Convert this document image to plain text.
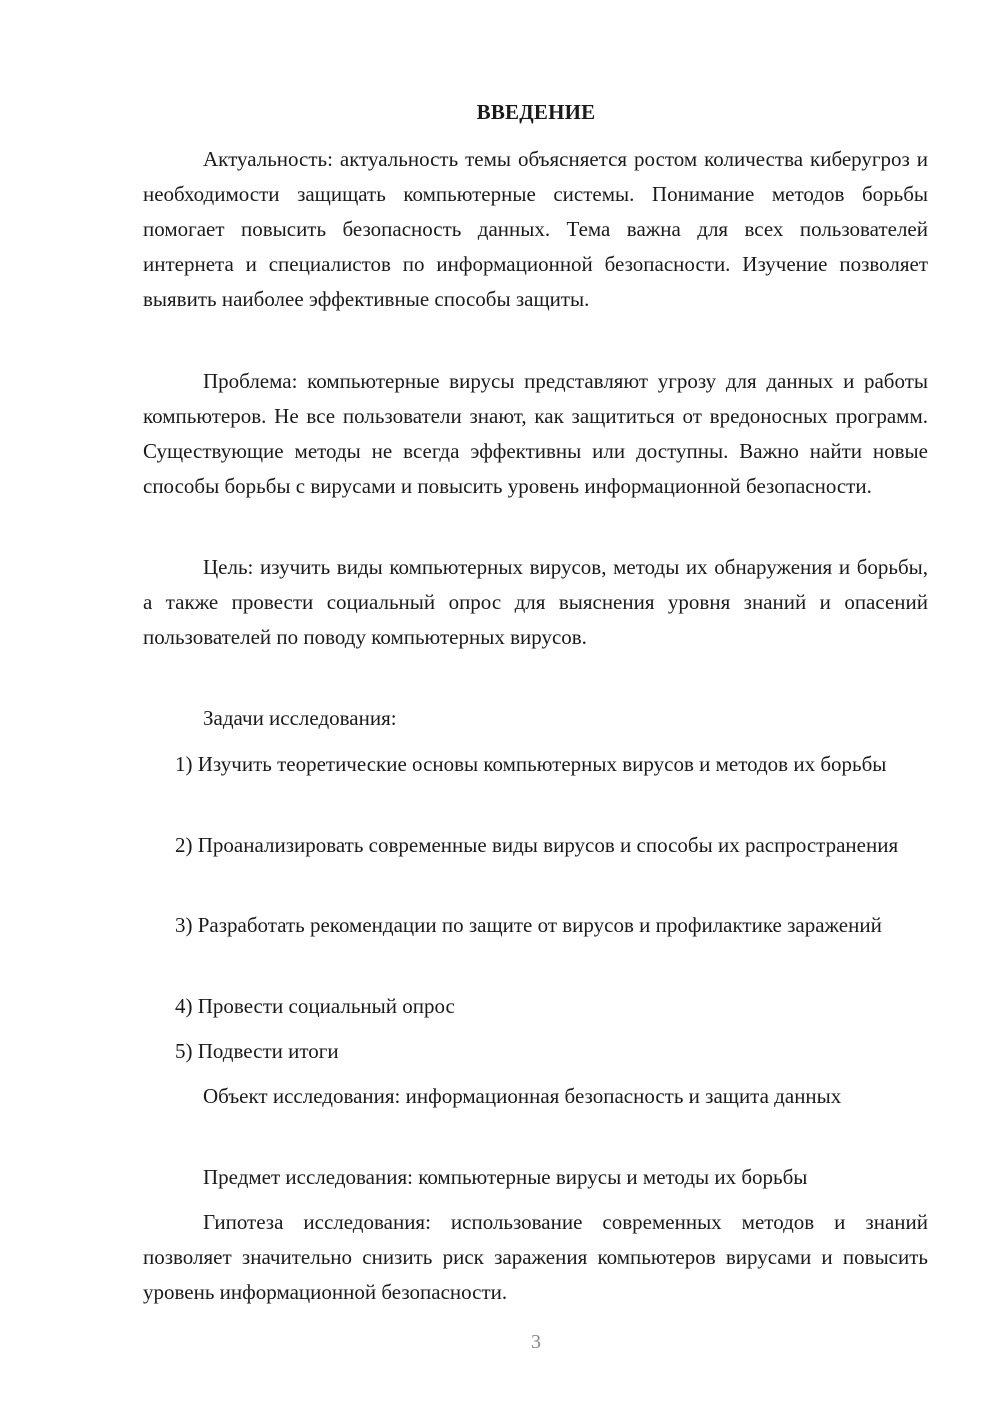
ВВЕДЕНИЕ

Актуальность: актуальность темы объясняется ростом количества киберугроз и необходимости защищать компьютерные системы. Понимание методов борьбы помогает повысить безопасность данных. Тема важна для всех пользователей интернета и специалистов по информационной безопасности. Изучение позволяет выявить наиболее эффективные способы защиты.

Проблема: компьютерные вирусы представляют угрозу для данных и работы компьютеров. Не все пользователи знают, как защититься от вредоносных программ. Существующие методы не всегда эффективны или доступны. Важно найти новые способы борьбы с вирусами и повысить уровень информационной безопасности.

Цель: изучить виды компьютерных вирусов, методы их обнаружения и борьбы, а также провести социальный опрос для выяснения уровня знаний и опасений пользователей по поводу компьютерных вирусов.

Задачи исследования:

1) Изучить теоретические основы компьютерных вирусов и методов их борьбы

2) Проанализировать современные виды вирусов и способы их распространения

3) Разработать рекомендации по защите от вирусов и профилактике заражений

4) Провести социальный опрос

5) Подвести итоги

Объект исследования: информационная безопасность и защита данных

Предмет исследования: компьютерные вирусы и методы их борьбы

Гипотеза исследования: использование современных методов и знаний позволяет значительно снизить риск заражения компьютеров вирусами и повысить уровень информационной безопасности.

3
